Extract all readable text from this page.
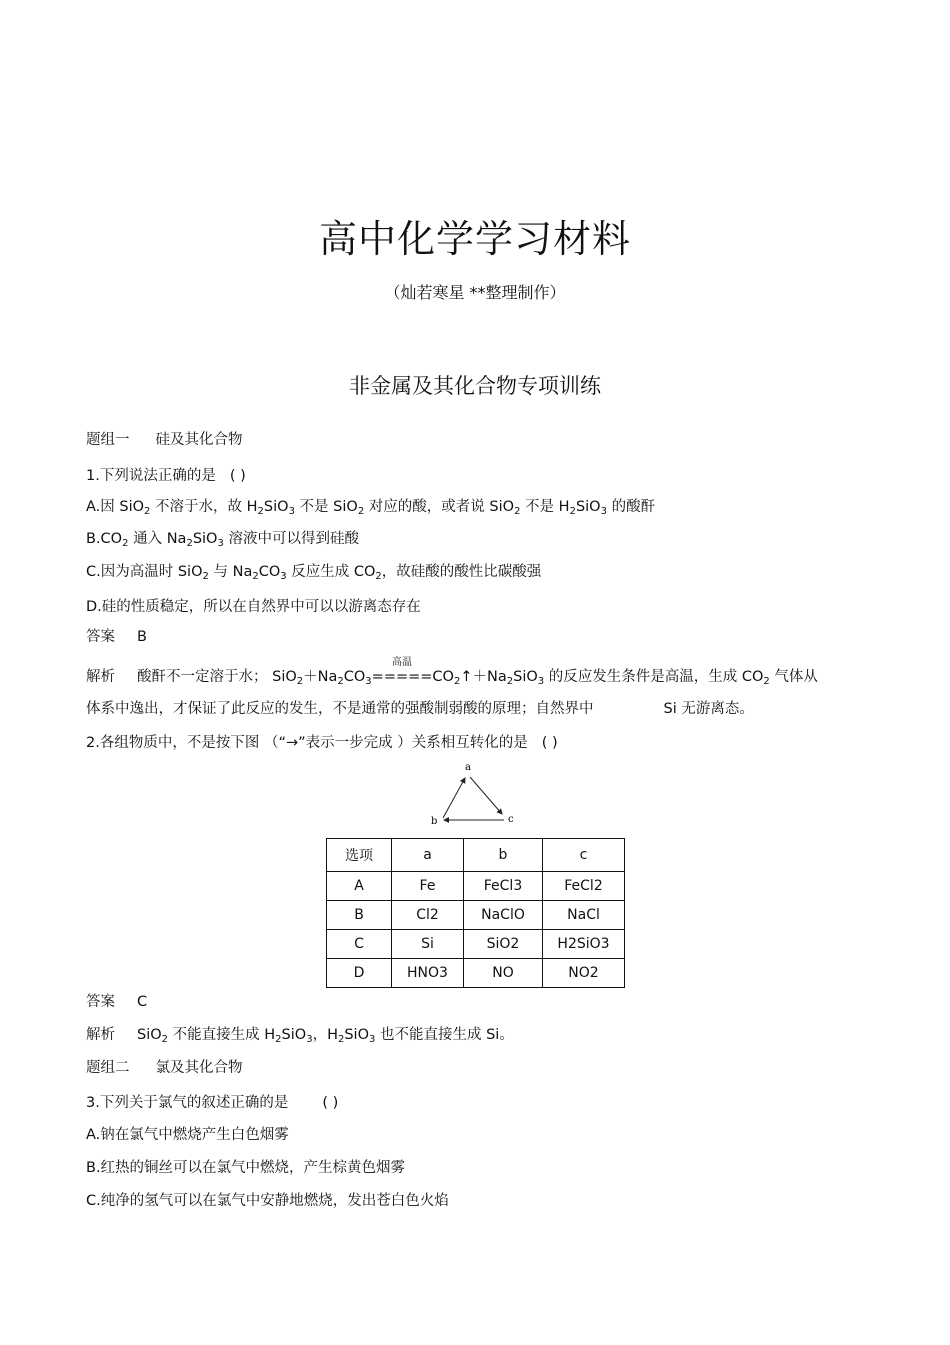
高中化学学习材料
（灿若寒星 **整理制作）
非金属及其化合物专项训练
题组一 硅及其化合物
1.下列说法正确的是 ( )
A.因 SiO$_2$ 不溶于水，故 $H_2SiO_3$ 不是 SiO$_2$ 对应的酸，或者说 SiO$_2$ 不是 $H_2SiO_3$ 的酸酐
$B.CO_2$ 通入 $Na_2SiO_3$ 溶液中可以得到硅酸
C.因为高温时 SiO$_2$ 与 $Na_2CO_3$ 反应生成 $CO_2$，故硅酸的酸性比碳酸强
D.硅的性质稳定，所以在自然界中可以以游离态存在
答案 B
解析 酸酐不一定溶于水； $SiO_2+Na_2CO_3$
高温
$=====CO_2↑+Na_2SiO_3$ 的反应发生条件是高温，生成 $CO_2$ 气体从
体系中逸出，才保证了此反应的发生，不是通常的强酸制弱酸的原理；自然界中	Si 无游离态。
2.各组物质中，不是按下图 （“→”表示一步完成 ）关系相互转化的是 ( )
a
b	c
选项	a	b	c
A	Fe	FeCl3	FeCl2
B	Cl2	NaClO	NaCl
C	Si	SiO2	H2SiO3
D	HNO3	NO	NO2
答案 C
解析 SiO$_2$ 不能直接生成 $H_2SiO_3$，$H_2SiO_3$ 也不能直接生成 Si。
题组二 氯及其化合物
3.下列关于氯气的叙述正确的是 ( )
A.钠在氯气中燃烧产生白色烟雾
B.红热的铜丝可以在氯气中燃烧，产生棕黄色烟雾
C.纯净的氢气可以在氯气中安静地燃烧，发出苍白色火焰
